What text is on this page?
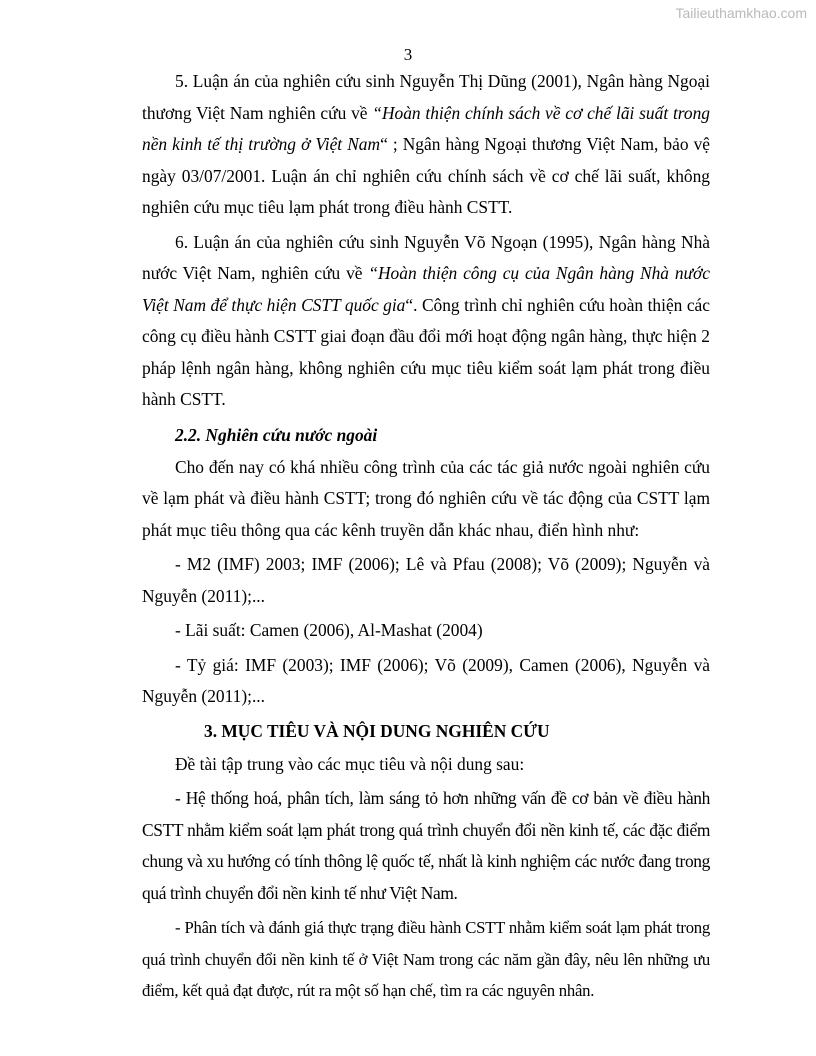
Tailieuthamkhao.com
3

5. Luận án của nghiên cứu sinh Nguyễn Thị Dũng (2001), Ngân hàng Ngoại thương Việt Nam nghiên cứu về “Hoàn thiện chính sách về cơ chế lãi suất trong nền kinh tế thị trường ở Việt Nam“ ; Ngân hàng Ngoại thương Việt Nam, bảo vệ ngày 03/07/2001. Luận án chỉ nghiên cứu chính sách về cơ chế lãi suất, không nghiên cứu mục tiêu lạm phát trong điều hành CSTT.

6. Luận án của nghiên cứu sinh Nguyễn Võ Ngoạn (1995), Ngân hàng Nhà nước Việt Nam, nghiên cứu về “Hoàn thiện công cụ của Ngân hàng Nhà nước Việt Nam để thực hiện CSTT quốc gia“. Công trình chỉ nghiên cứu hoàn thiện các công cụ điều hành CSTT giai đoạn đầu đổi mới hoạt động ngân hàng, thực hiện 2 pháp lệnh ngân hàng, không nghiên cứu mục tiêu kiểm soát lạm phát trong điều hành CSTT.

2.2. Nghiên cứu nước ngoài

Cho đến nay có khá nhiều công trình của các tác giả nước ngoài nghiên cứu về lạm phát và điều hành CSTT; trong đó nghiên cứu về tác động của CSTT lạm phát mục tiêu thông qua các kênh truyền dẫn khác nhau, điển hình như:

- M2 (IMF) 2003; IMF (2006); Lê và Pfau (2008); Võ (2009); Nguyễn và Nguyễn (2011);...

- Lãi suất: Camen (2006), Al-Mashat (2004)

- Tỷ giá: IMF (2003); IMF (2006); Võ (2009), Camen (2006), Nguyễn và Nguyễn (2011);...

3. MỤC TIÊU VÀ NỘI DUNG NGHIÊN CỨU

Đề tài tập trung vào các mục tiêu và nội dung sau:

- Hệ thống hoá, phân tích, làm sáng tỏ hơn những vấn đề cơ bản về điều hành CSTT nhằm kiểm soát lạm phát trong quá trình chuyển đổi nền kinh tế, các đặc điểm chung và xu hướng có tính thông lệ quốc tế, nhất là kinh nghiệm các nước đang trong quá trình chuyển đổi nền kinh tế như Việt Nam.

- Phân tích và đánh giá thực trạng điều hành CSTT nhằm kiểm soát lạm phát trong quá trình chuyển đổi nền kinh tế ở Việt Nam trong các năm gần đây, nêu lên những ưu điểm, kết quả đạt được, rút ra một số hạn chế, tìm ra các nguyên nhân.
